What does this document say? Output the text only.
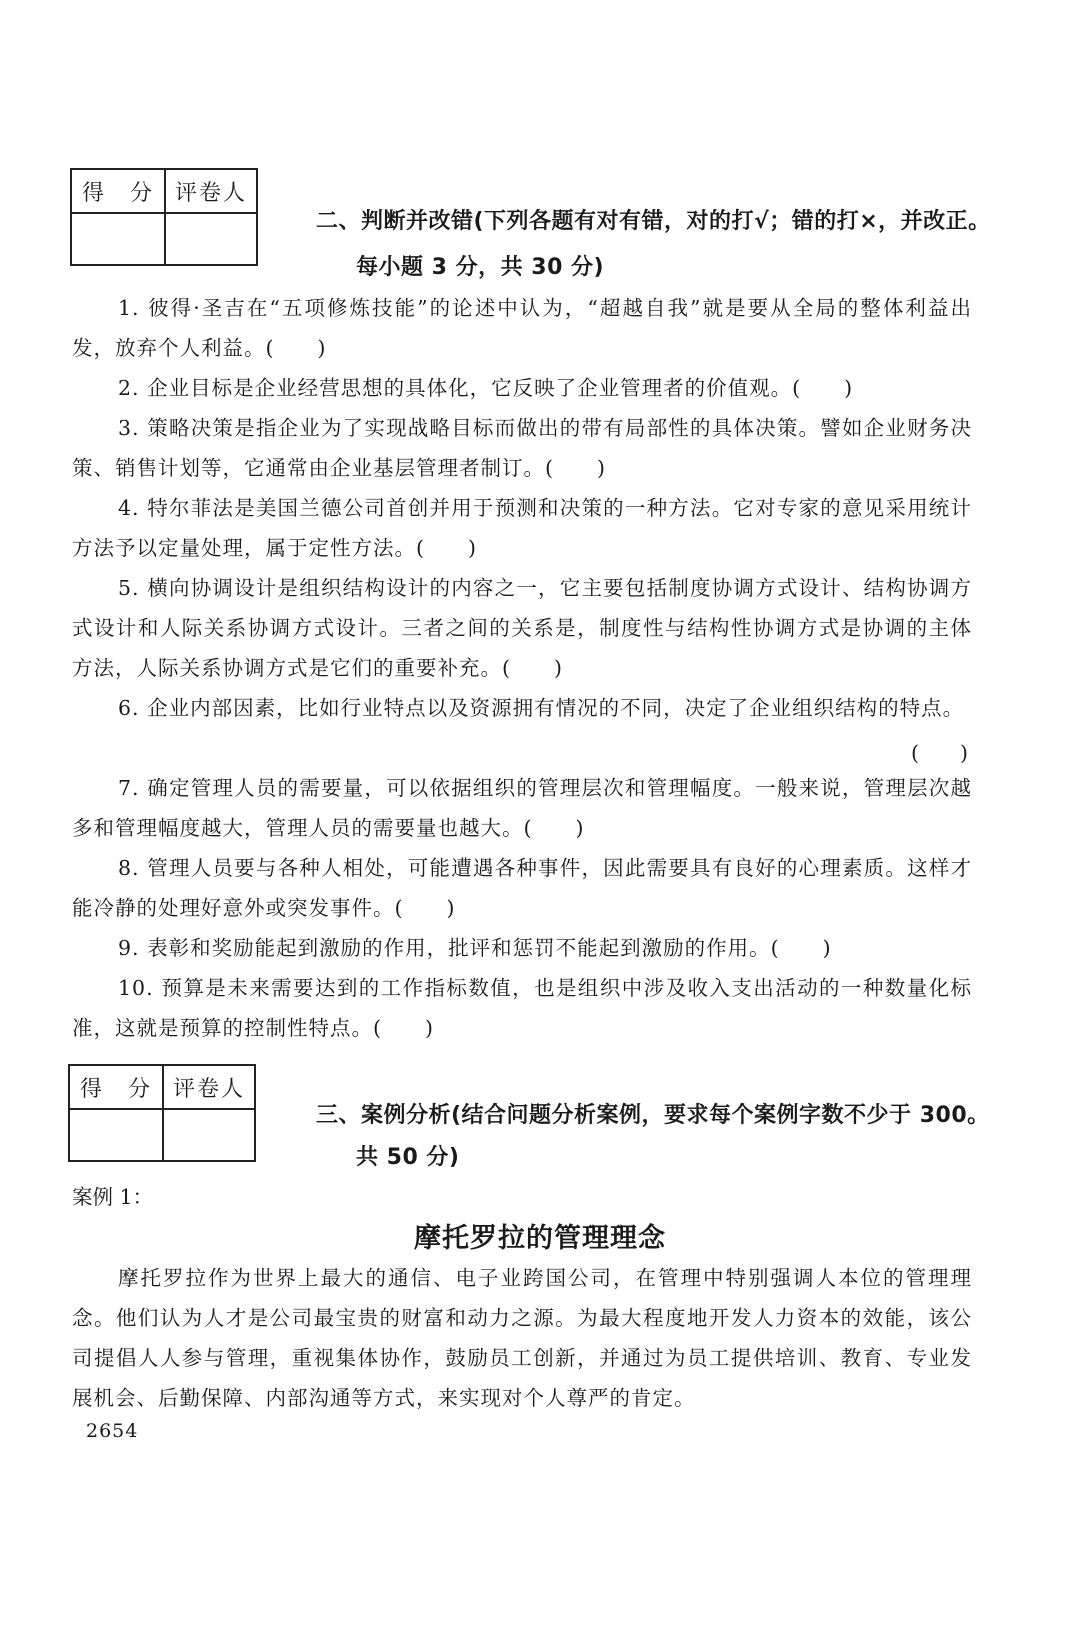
得　分	评卷人

二、判断并改错(下列各题有对有错，对的打√；错的打×，并改正。
每小题 3 分，共 30 分)
1. 彼得·圣吉在“五项修炼技能”的论述中认为，“超越自我”就是要从全局的整体利益出发，放弃个人利益。(　　)
2. 企业目标是企业经营思想的具体化，它反映了企业管理者的价值观。(　　)
3. 策略决策是指企业为了实现战略目标而做出的带有局部性的具体决策。譬如企业财务决策、销售计划等，它通常由企业基层管理者制订。(　　)
4. 特尔菲法是美国兰德公司首创并用于预测和决策的一种方法。它对专家的意见采用统计方法予以定量处理，属于定性方法。(　　)
5. 横向协调设计是组织结构设计的内容之一，它主要包括制度协调方式设计、结构协调方式设计和人际关系协调方式设计。三者之间的关系是，制度性与结构性协调方式是协调的主体方法，人际关系协调方式是它们的重要补充。(　　)
6. 企业内部因素，比如行业特点以及资源拥有情况的不同，决定了企业组织结构的特点。
(　　)
7. 确定管理人员的需要量，可以依据组织的管理层次和管理幅度。一般来说，管理层次越多和管理幅度越大，管理人员的需要量也越大。(　　)
8. 管理人员要与各种人相处，可能遭遇各种事件，因此需要具有良好的心理素质。这样才能冷静的处理好意外或突发事件。(　　)
9. 表彰和奖励能起到激励的作用，批评和惩罚不能起到激励的作用。(　　)
10. 预算是未来需要达到的工作指标数值，也是组织中涉及收入支出活动的一种数量化标准，这就是预算的控制性特点。(　　)
得　分	评卷人

三、案例分析(结合问题分析案例，要求每个案例字数不少于 300。
共 50 分)
案例 1：
摩托罗拉的管理理念
摩托罗拉作为世界上最大的通信、电子业跨国公司，在管理中特别强调人本位的管理理念。他们认为人才是公司最宝贵的财富和动力之源。为最大程度地开发人力资本的效能，该公司提倡人人参与管理，重视集体协作，鼓励员工创新，并通过为员工提供培训、教育、专业发展机会、后勤保障、内部沟通等方式，来实现对个人尊严的肯定。
2654
